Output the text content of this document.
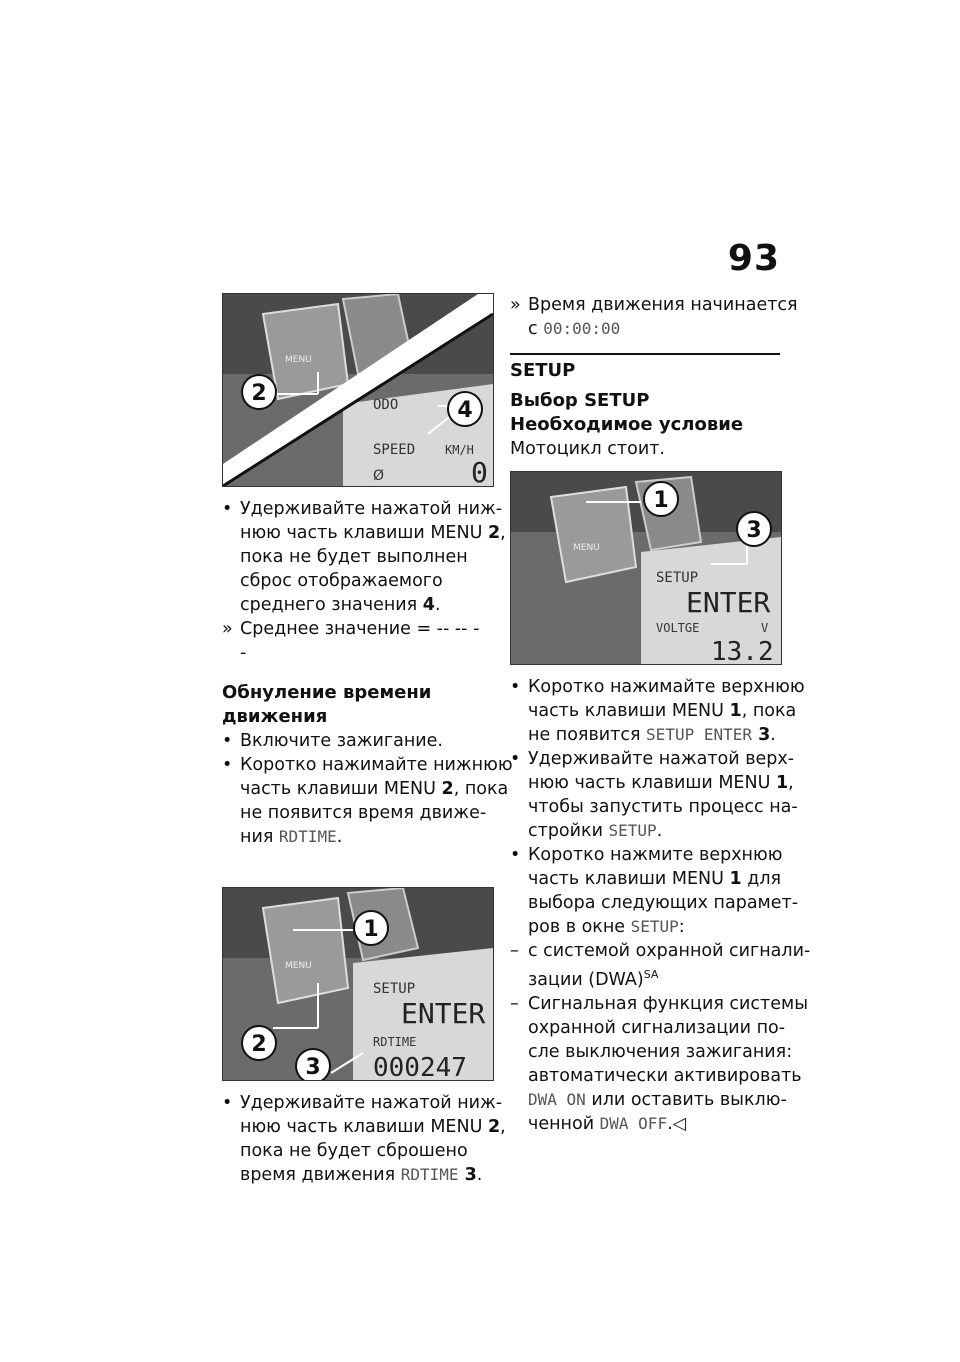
93
ODO
SPEED KM/H
0
Ø
MENU
2
4
• Удерживайте нажатой ниж-
нюю часть клавиши MENU 2,
пока не будет выполнен
сброс отображаемого
среднего значения 4.
» Среднее значение = -- -- -
-
Обнуление времени
движения
• Включите зажигание.
• Коротко нажимайте нижнюю
часть клавиши MENU 2, пока
не появится время движе-
ния RDTIME.
SETUP
ENTER
RDTIME
000247
MENU
1
2
3
• Удерживайте нажатой ниж-
нюю часть клавиши MENU 2,
пока не будет сброшено
время движения RDTIME 3.
» Время движения начинается
с 00:00:00
SETUP
Выбор SETUP
Необходимое условие
Мотоцикл стоит.
SETUP
ENTER
VOLTGE	V
13.2
MENU
1
3
• Коротко нажимайте верхнюю
часть клавиши MENU 1, пока
не появится SETUP ENTER 3.
• Удерживайте нажатой верх-
нюю часть клавиши MENU 1,
чтобы запустить процесс на-
стройки SETUP.
• Коротко нажмите верхнюю
часть клавиши MENU 1 для
выбора следующих парамет-
ров в окне SETUP:
– с системой охранной сигнали-
зации (DWA)$^{SA}$
– Сигнальная функция системы
охранной сигнализации по-
сле выключения зажигания:
автоматически активировать
DWA ON или оставить выклю-
ченной DWA OFF.◁
